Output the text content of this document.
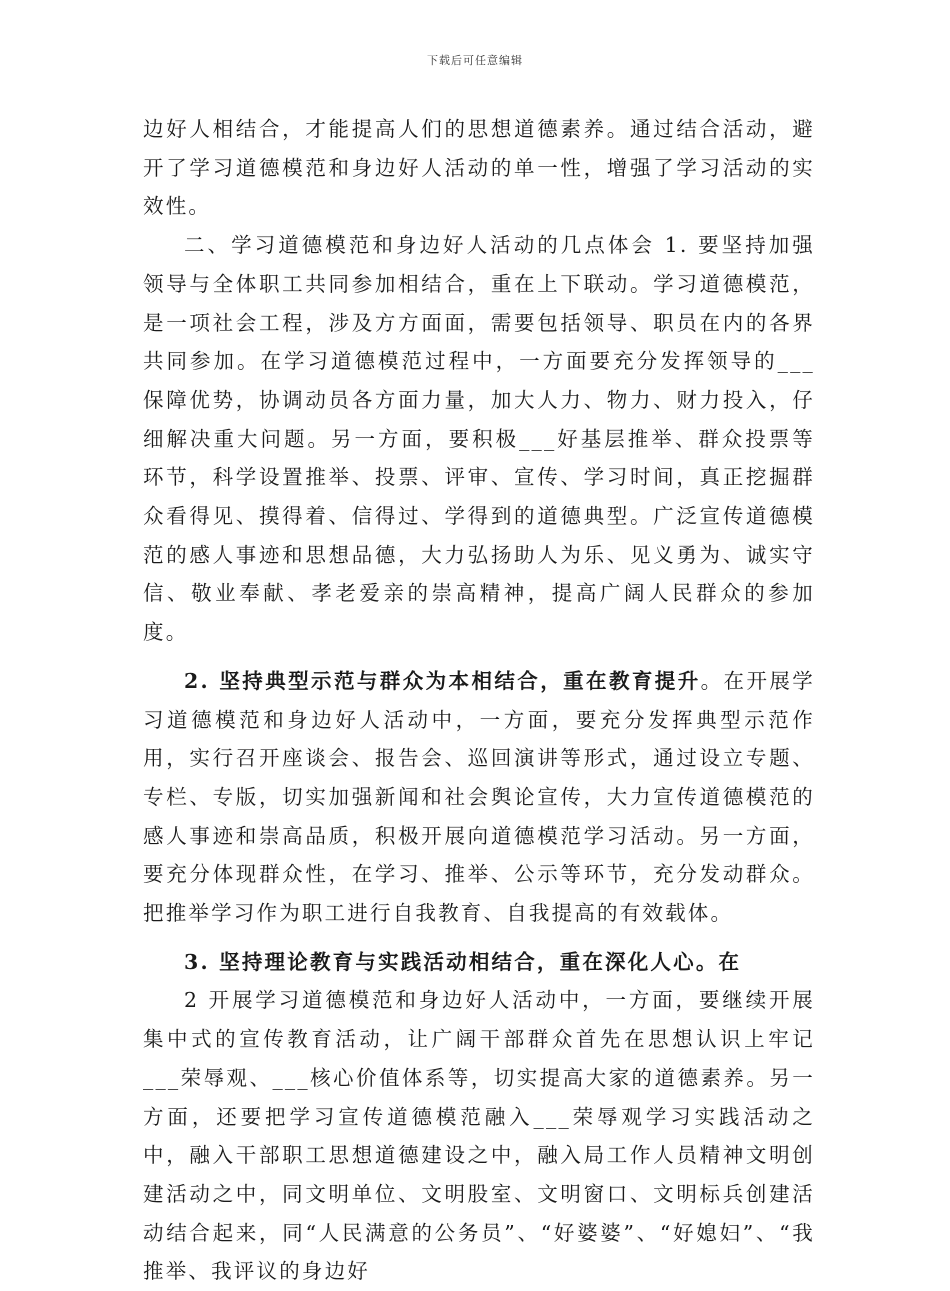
下载后可任意编辑

边好人相结合，才能提高人们的思想道德素养。通过结合活动，避开了学习道德模范和身边好人活动的单一性，增强了学习活动的实效性。

二、学习道德模范和身边好人活动的几点体会 1. 要坚持加强领导与全体职工共同参加相结合，重在上下联动。学习道德模范，是一项社会工程，涉及方方面面，需要包括领导、职员在内的各界共同参加。在学习道德模范过程中，一方面要充分发挥领导的___保障优势，协调动员各方面力量，加大人力、物力、财力投入，仔细解决重大问题。另一方面，要积极___好基层推举、群众投票等环节，科学设置推举、投票、评审、宣传、学习时间，真正挖掘群众看得见、摸得着、信得过、学得到的道德典型。广泛宣传道德模范的感人事迹和思想品德，大力弘扬助人为乐、见义勇为、诚实守信、敬业奉献、孝老爱亲的崇高精神，提高广阔人民群众的参加度。

2. 坚持典型示范与群众为本相结合，重在教育提升。在开展学习道德模范和身边好人活动中，一方面，要充分发挥典型示范作用，实行召开座谈会、报告会、巡回演讲等形式，通过设立专题、专栏、专版，切实加强新闻和社会舆论宣传，大力宣传道德模范的感人事迹和崇高品质，积极开展向道德模范学习活动。另一方面，要充分体现群众性，在学习、推举、公示等环节，充分发动群众。把推举学习作为职工进行自我教育、自我提高的有效载体。

3. 坚持理论教育与实践活动相结合，重在深化人心。在

2 开展学习道德模范和身边好人活动中，一方面，要继续开展集中式的宣传教育活动，让广阔干部群众首先在思想认识上牢记___荣辱观、___核心价值体系等，切实提高大家的道德素养。另一方面，还要把学习宣传道德模范融入___荣辱观学习实践活动之中，融入干部职工思想道德建设之中，融入局工作人员精神文明创建活动之中，同文明单位、文明股室、文明窗口、文明标兵创建活动结合起来，同“人民满意的公务员”、“好婆婆”、“好媳妇”、“我推举、我评议的身边好
